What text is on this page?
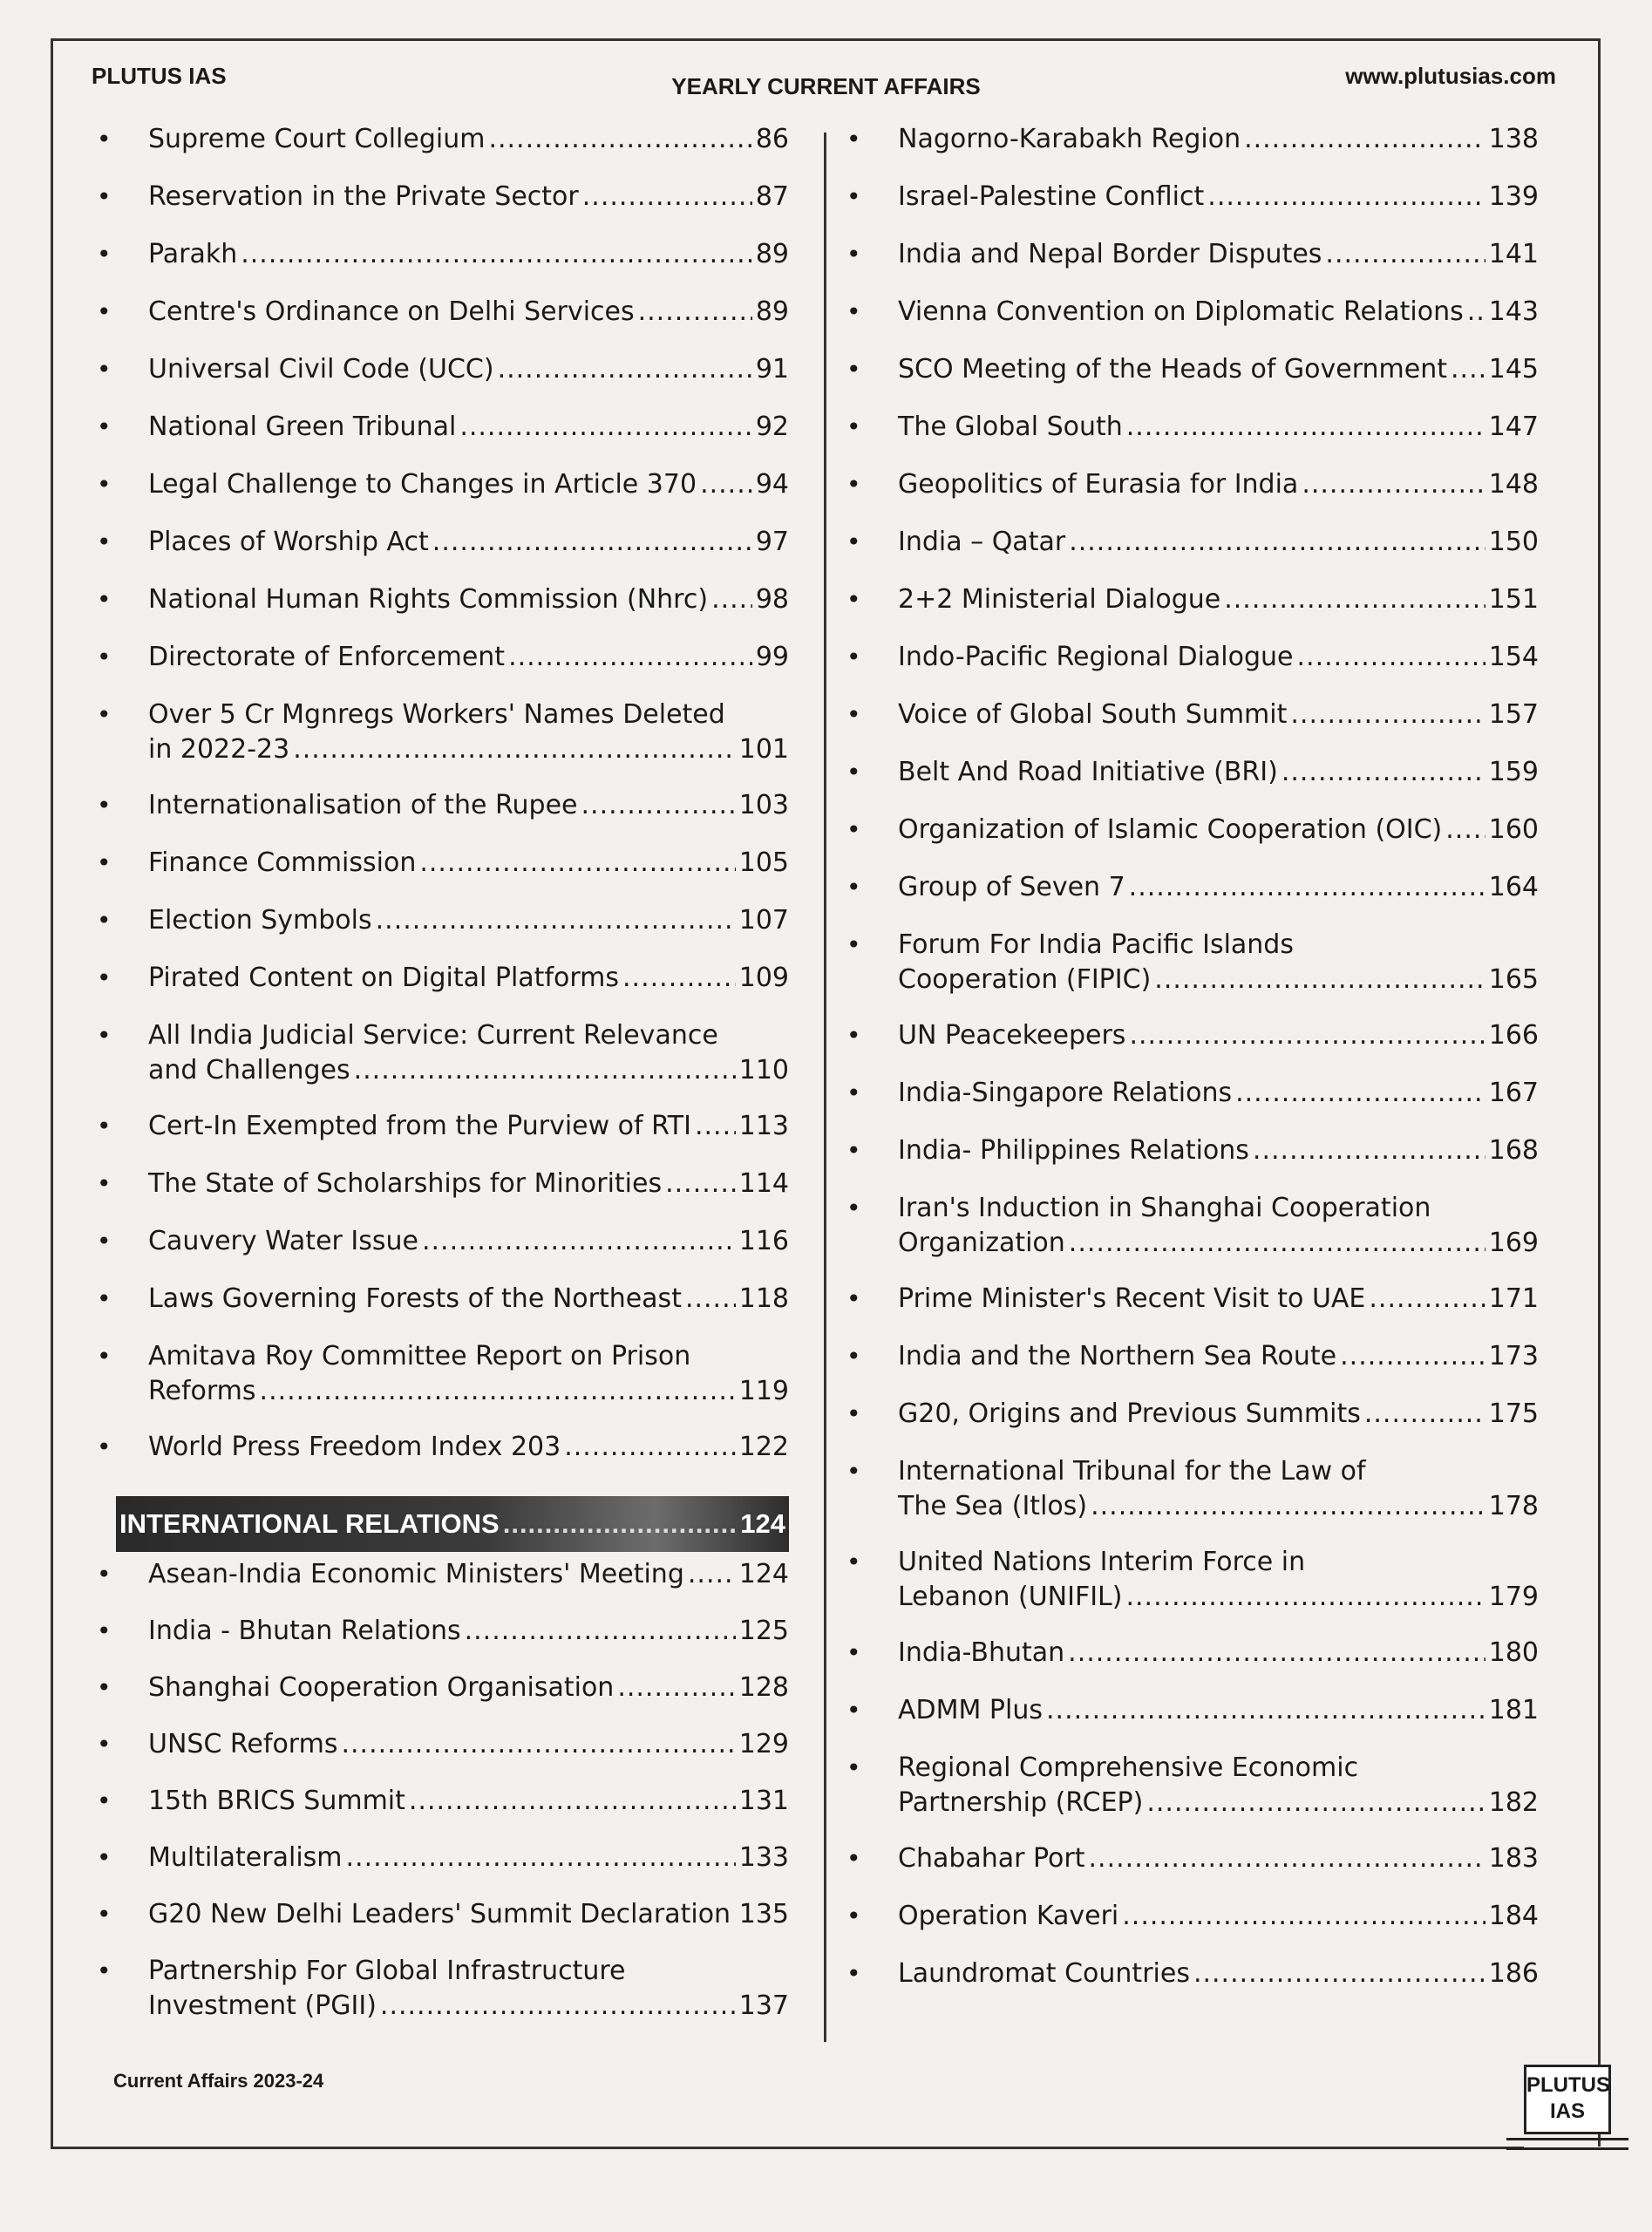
PLUTUS IAS	YEARLY CURRENT AFFAIRS	www.plutusias.com
• Supreme Court Collegium .....	86
• Reservation in the Private Sector .....	87
• Parakh .....	89
• Centre's Ordinance on Delhi Services .....	89
• Universal Civil Code (UCC) .....	91
• National Green Tribunal .....	92
• Legal Challenge to Changes in Article 370 ..... 94
• Places of Worship Act .....	97
• National Human Rights Commission (Nhrc) ..... 98
• Directorate of Enforcement .....	99
• Over 5 Cr Mgnregs Workers' Names Deleted
in 2022-23 .....	101
• Internationalisation of the Rupee .....	103
• Finance Commission .....	105
• Election Symbols .....	107
• Pirated Content on Digital Platforms .....	109
• All India Judicial Service: Current Relevance
and Challenges .....	110
• Cert-In Exempted from the Purview of RTI ..... 113
• The State of Scholarships for Minorities .....	114
• Cauvery Water Issue .....	116
• Laws Governing Forests of the Northeast ..... 118
• Amitava Roy Committee Report on Prison
Reforms .....	119
• World Press Freedom Index 203 .....	122
INTERNATIONAL RELATIONS .....	124
• Asean-India Economic Ministers' Meeting ..... 124
• India - Bhutan Relations .....	125
• Shanghai Cooperation Organisation .....	128
• UNSC Reforms .....	129
• 15th BRICS Summit .....	131
• Multilateralism .....	133
• G20 New Delhi Leaders' Summit Declaration ..... 135
• Partnership For Global Infrastructure
Investment (PGII) .....	137
• Nagorno-Karabakh Region .....	138
• Israel-Palestine Conflict .....	139
• India and Nepal Border Disputes .....	141
• Vienna Convention on Diplomatic Relations ..... 143
• SCO Meeting of the Heads of Government ..... 145
• The Global South .....	147
• Geopolitics of Eurasia for India .....	148
• India – Qatar .....	150
• 2+2 Ministerial Dialogue .....	151
• Indo-Pacific Regional Dialogue .....	154
• Voice of Global South Summit .....	157
• Belt And Road Initiative (BRI) .....	159
• Organization of Islamic Cooperation (OIC) ..... 160
• Group of Seven 7 .....	164
• Forum For India Pacific Islands
Cooperation (FIPIC) .....	165
• UN Peacekeepers .....	166
• India-Singapore Relations .....	167
• India- Philippines Relations .....	168
• Iran's Induction in Shanghai Cooperation
Organization .....	169
• Prime Minister's Recent Visit to UAE .....	171
• India and the Northern Sea Route .....	173
• G20, Origins and Previous Summits .....	175
• International Tribunal for the Law of
The Sea (Itlos) .....	178
• United Nations Interim Force in
Lebanon (UNIFIL) .....	179
• India-Bhutan .....	180
• ADMM Plus .....	181
• Regional Comprehensive Economic
Partnership (RCEP) .....	182
• Chabahar Port .....	183
• Operation Kaveri .....	184
• Laundromat Countries .....	186
Current Affairs 2023-24	PLUTUS
IAS
